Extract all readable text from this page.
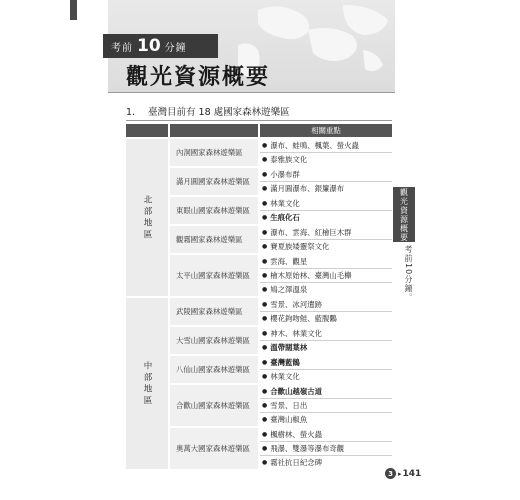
考前 10 分鐘
觀光資源概要
1. 臺灣目前有 18 處國家森林遊樂區
相關重點
北部地區
內洞國家森林遊樂區
● 瀑布、蛙鳴、楓葉、螢火蟲
● 泰雅族文化
滿月圓國家森林遊樂區
● 小瀑布群
● 滿月圓瀑布、銀簾瀑布
東眼山國家森林遊樂區
● 林業文化
● 生痕化石
觀霧國家森林遊樂區
● 瀑布、雲海、紅檜巨木群
● 賽夏族矮靈祭文化
太平山國家森林遊樂區
● 雲海、觀星
● 檜木原始林、臺灣山毛櫸
● 鳩之澤溫泉
中部地區
武陵國家森林遊樂區
● 雪景、冰河遺跡
● 櫻花鉤吻鮭、藍腹鷴
大雪山國家森林遊樂區
● 神木、林業文化
● 溫帶闊葉林
八仙山國家森林遊樂區
● 臺灣藍鵲
● 林業文化
合歡山國家森林遊樂區
● 合歡山越嶺古道
● 雪景、日出
● 臺灣山椒魚
奧萬大國家森林遊樂區
● 楓樹林、螢火蟲
● 飛瀑、雙瀑等瀑布奇觀
● 霧社抗日紀念碑
觀光資源概要
考前10分鐘。
3 ▸ 141
